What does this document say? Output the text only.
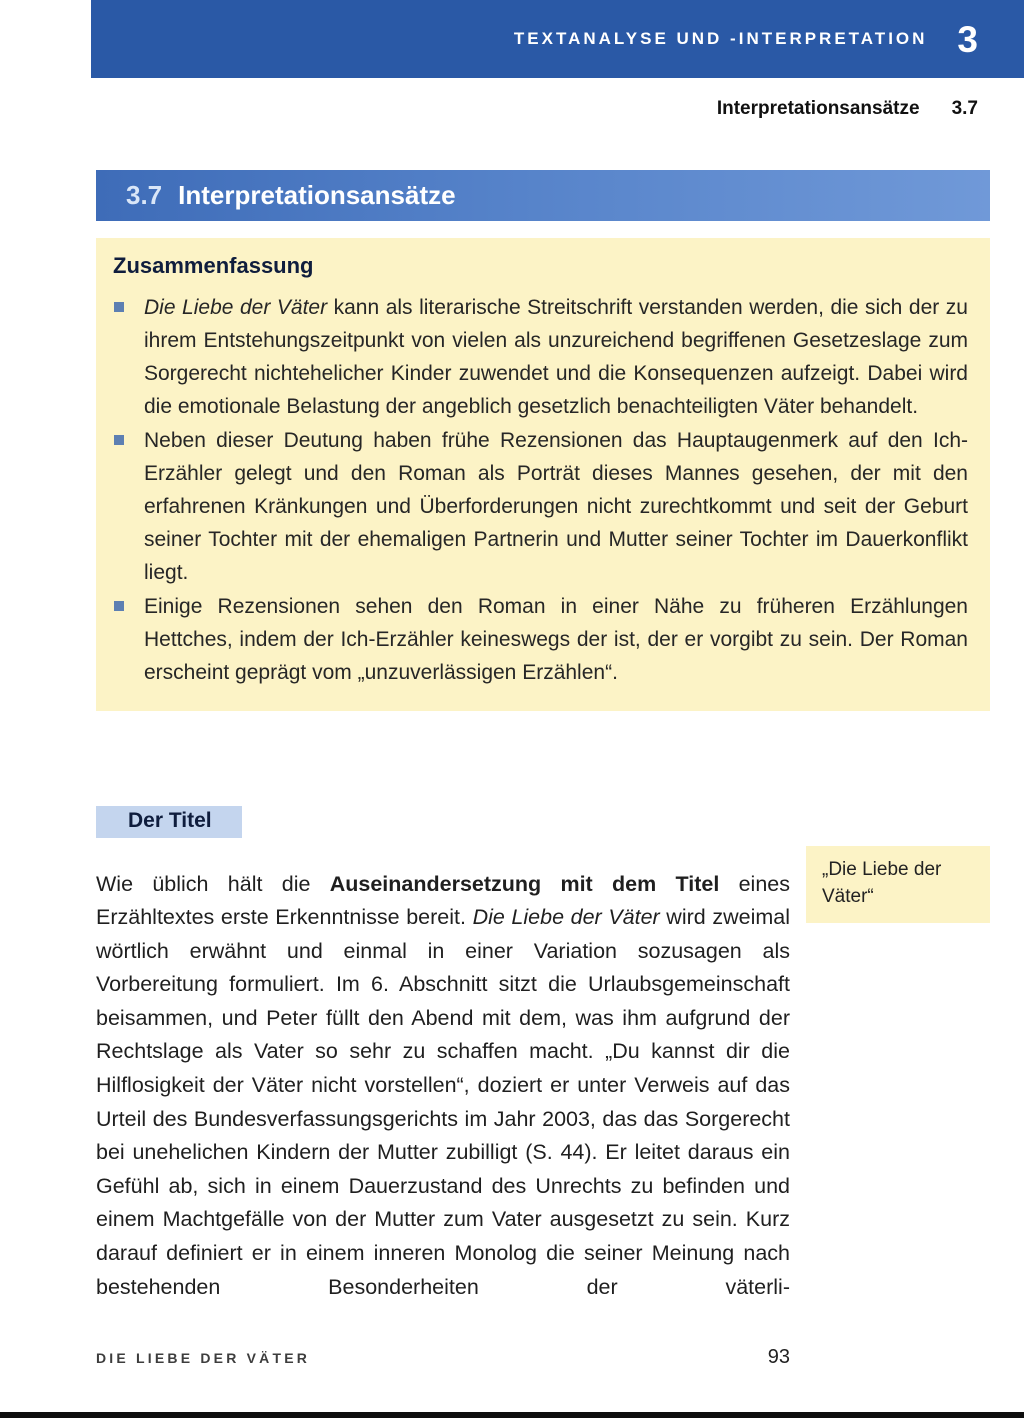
TEXTANALYSE UND -INTERPRETATION 3
Interpretationsansätze 3.7
3.7 Interpretationsansätze
Zusammenfassung
Die Liebe der Väter kann als literarische Streitschrift verstanden werden, die sich der zu ihrem Entstehungszeitpunkt von vielen als unzureichend begriffenen Gesetzeslage zum Sorgerecht nichtehelicher Kinder zuwendet und die Konsequenzen aufzeigt. Dabei wird die emotionale Belastung der angeblich gesetzlich benachteiligten Väter behandelt.
Neben dieser Deutung haben frühe Rezensionen das Hauptaugenmerk auf den Ich-Erzähler gelegt und den Roman als Porträt dieses Mannes gesehen, der mit den erfahrenen Kränkungen und Überforderungen nicht zurechtkommt und seit der Geburt seiner Tochter mit der ehemaligen Partnerin und Mutter seiner Tochter im Dauerkonflikt liegt.
Einige Rezensionen sehen den Roman in einer Nähe zu früheren Erzählungen Hettches, indem der Ich-Erzähler keineswegs der ist, der er vorgibt zu sein. Der Roman erscheint geprägt vom „unzuverlässigen Erzählen“.
Der Titel

Wie üblich hält die Auseinandersetzung mit dem Titel eines Erzähltextes erste Erkenntnisse bereit. Die Liebe der Väter wird zweimal wörtlich erwähnt und einmal in einer Variation sozusagen als Vorbereitung formuliert. Im 6. Abschnitt sitzt die Urlaubsgemeinschaft beisammen, und Peter füllt den Abend mit dem, was ihm aufgrund der Rechtslage als Vater so sehr zu schaffen macht. „Du kannst dir die Hilflosigkeit der Väter nicht vorstellen“, doziert er unter Verweis auf das Urteil des Bundesverfassungsgerichts im Jahr 2003, das das Sorgerecht bei unehelichen Kindern der Mutter zubilligt (S. 44). Er leitet daraus ein Gefühl ab, sich in einem Dauerzustand des Unrechts zu befinden und einem Machtgefälle von der Mutter zum Vater ausgesetzt zu sein. Kurz darauf definiert er in einem inneren Monolog die seiner Meinung nach bestehenden Besonderheiten der väterli-

„Die Liebe der Väter“
DIE LIEBE DER VÄTER	93
